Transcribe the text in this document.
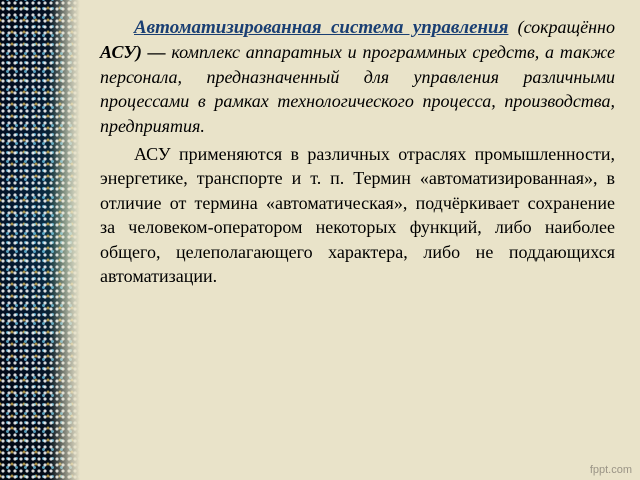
Автоматизированная система управления (сокращённо АСУ) — комплекс аппаратных и программных средств, а также персонала, предназначенный для управления различными процессами в рамках технологического процесса, производства, предприятия.

АСУ применяются в различных отраслях промышленности, энергетике, транспорте и т. п. Термин «автоматизированная», в отличие от термина «автоматическая», подчёркивает сохранение за человеком-оператором некоторых функций, либо наиболее общего, целеполагающего характера, либо не поддающихся автоматизации.

fppt.com
